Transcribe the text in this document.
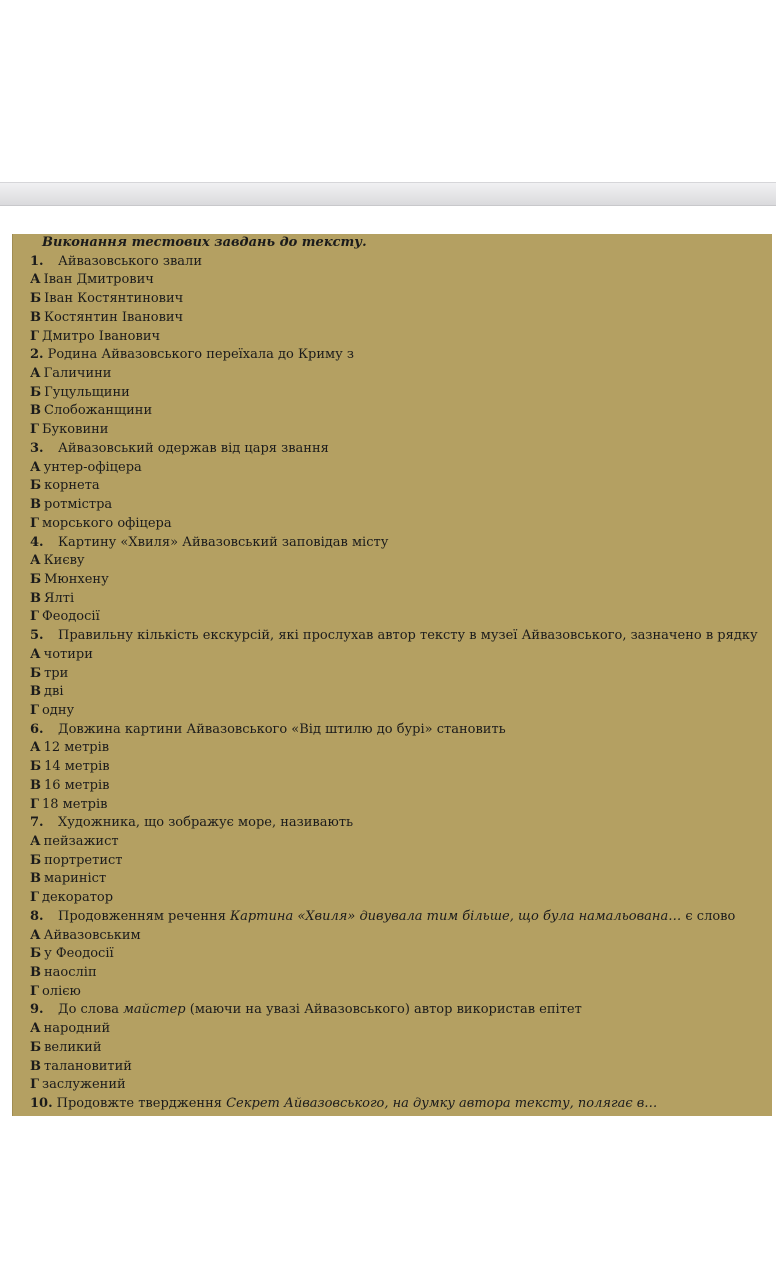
Виконання тестових завдань до тексту.
1. Айвазовського звали
А Іван Дмитрович
Б Іван Костянтинович
В Костянтин Іванович
Г Дмитро Іванович
2. Родина Айвазовського переїхала до Криму з
А Галичини
Б Гуцульщини
В Слобожанщини
Г Буковини
3. Айвазовський одержав від царя звання
А унтер-офіцера
Б корнета
В ротмістра
Г морського офіцера
4. Картину «Хвиля» Айвазовський заповідав місту
А Києву
Б Мюнхену
В Ялті
Г Феодосії
5. Правильну кількість екскурсій, які прослухав автор тексту в музеї Айвазовського, зазначено в рядку
А чотири
Б три
В дві
Г одну
6. Довжина картини Айвазовського «Від штилю до бурі» становить
А 12 метрів
Б 14 метрів
В 16 метрів
Г 18 метрів
7. Художника, що зображує море, називають
А пейзажист
Б портретист
В мариніст
Г декоратор
8. Продовженням речення Картина «Хвиля» дивувала тим більше, що була намальована… є слово
А Айвазовським
Б у Феодосії
В наосліп
Г олією
9. До слова майстер (маючи на увазі Айвазовського) автор використав епітет
А народний
Б великий
В талановитий
Г заслужений
10. Продовжте твердження Секрет Айвазовського, на думку автора тексту, полягає в…
